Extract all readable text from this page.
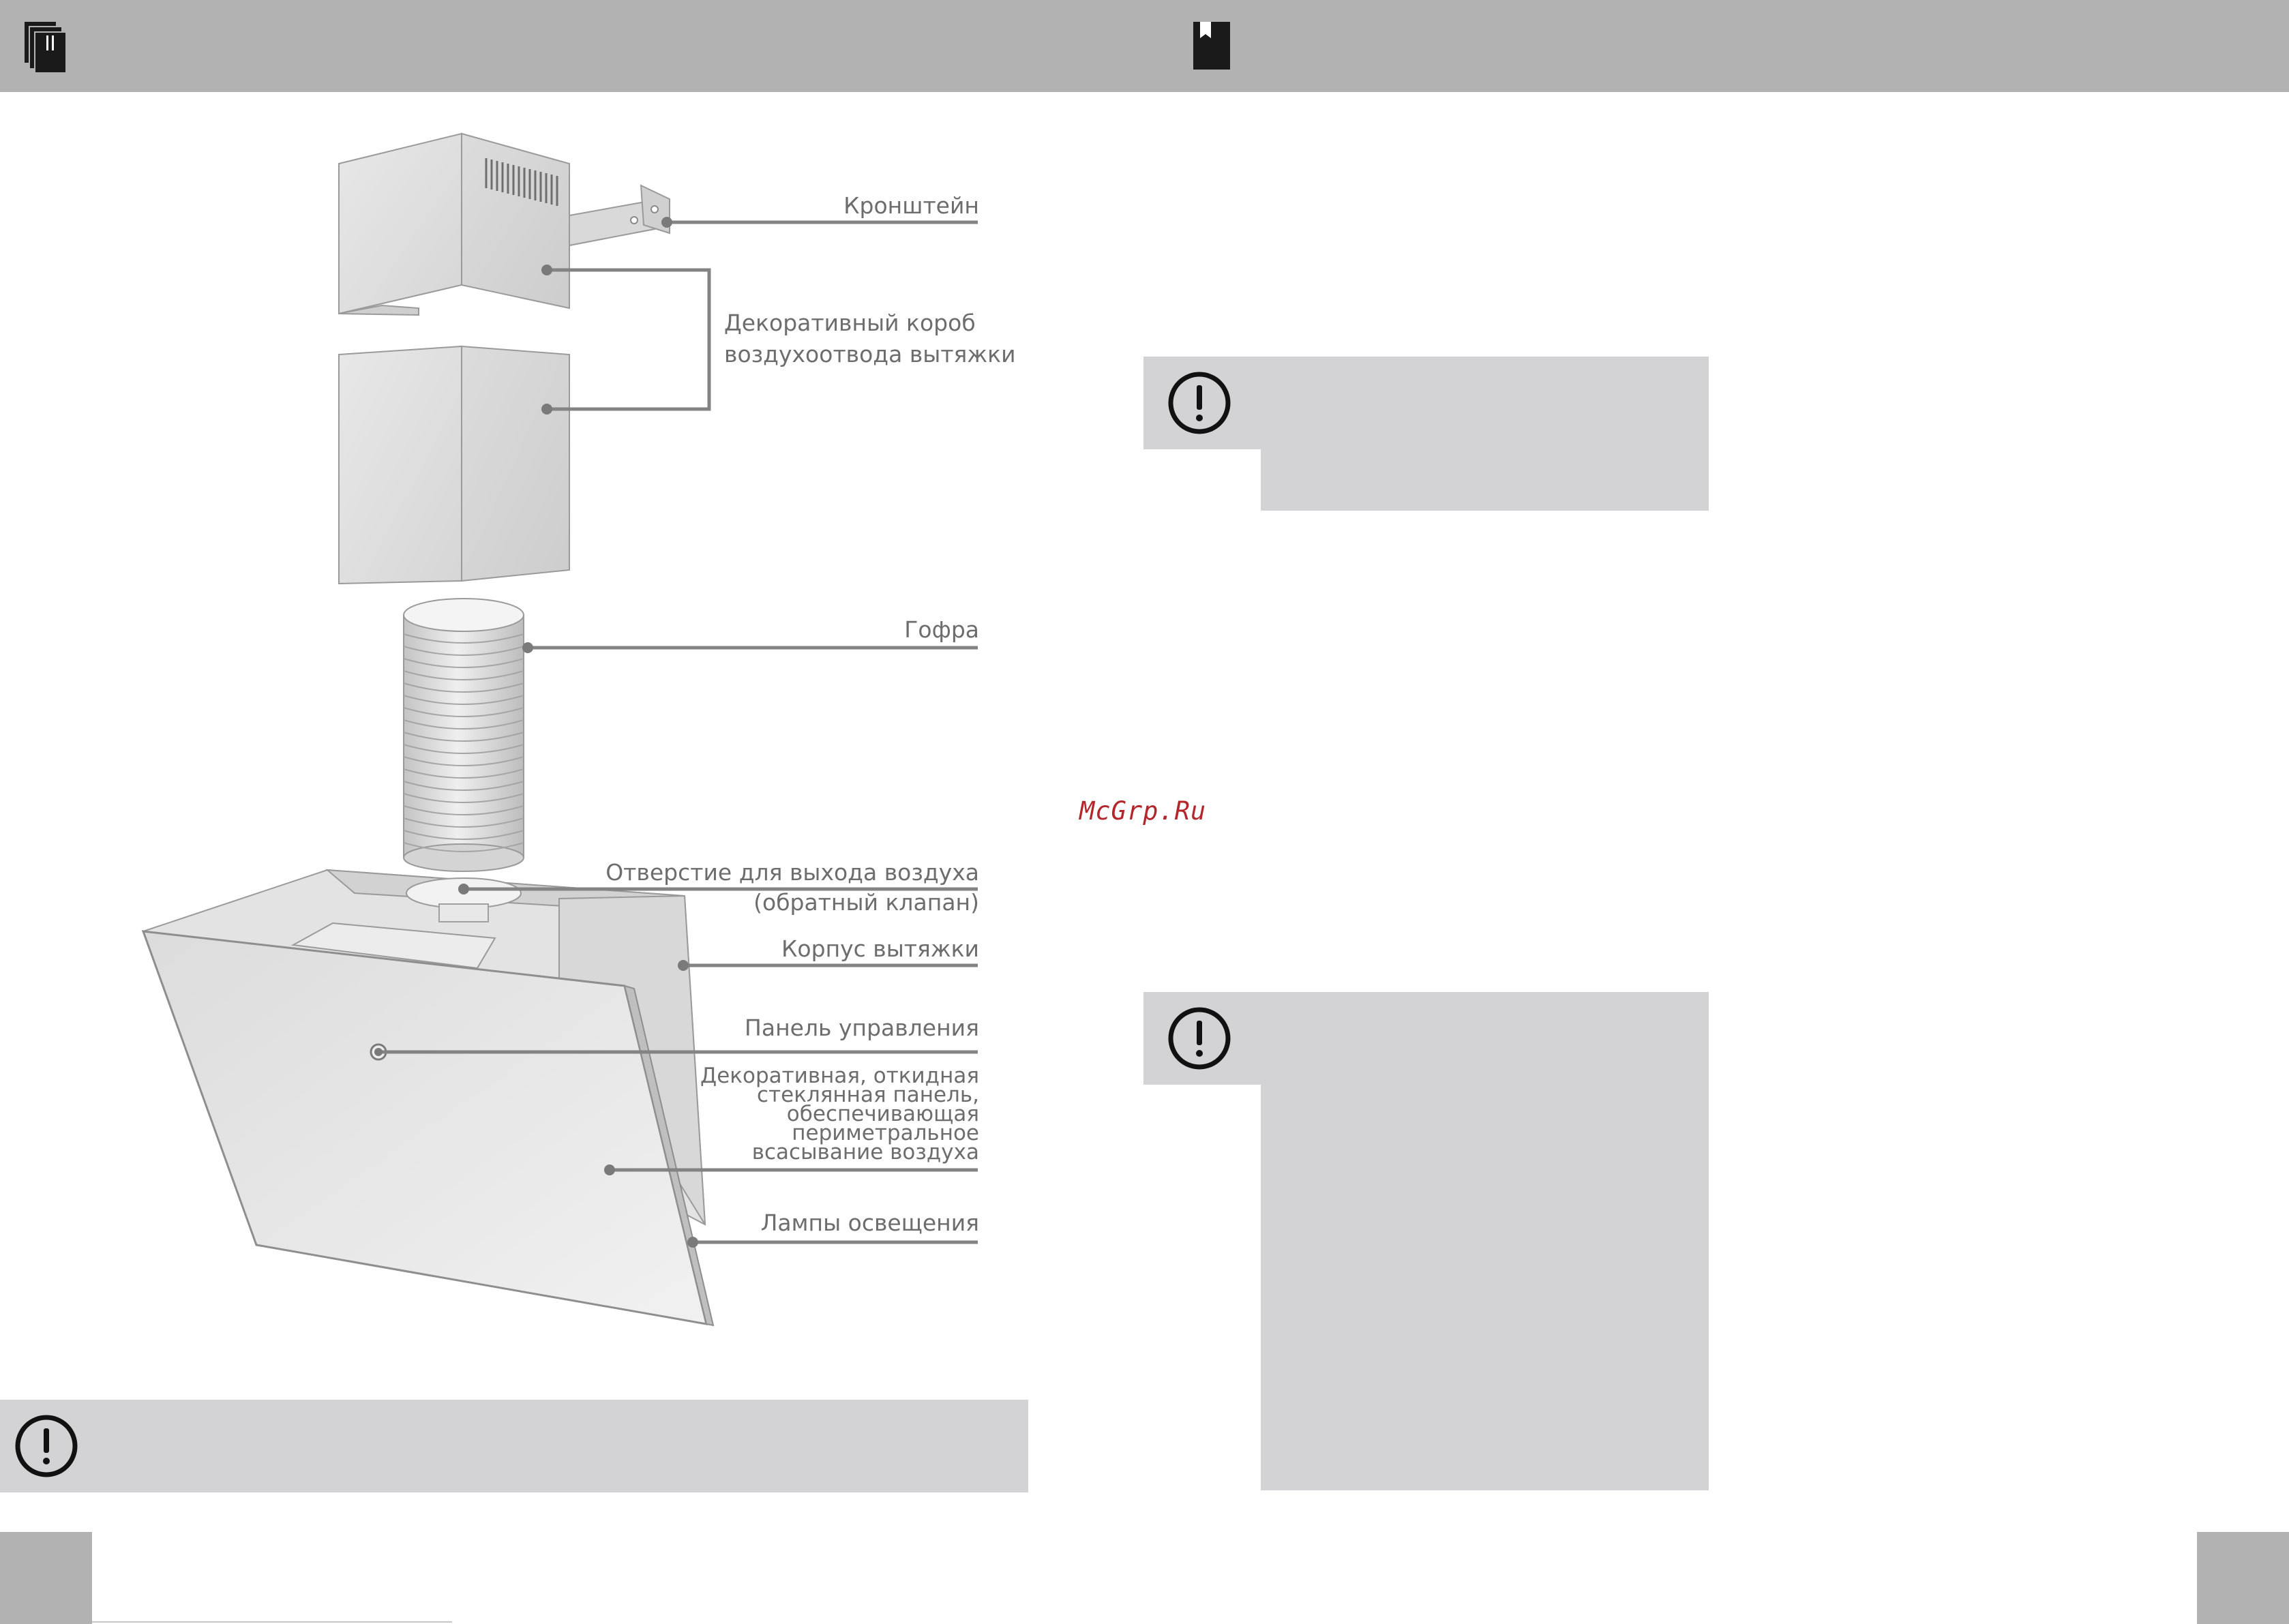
Кронштейн
Декоративный короб
воздухоотвода вытяжки
Гофра
Отверстие для выхода воздуха
(обратный клапан)
Корпус вытяжки
Панель управления
Декоративная, откидная
стеклянная панель,
обеспечивающая
периметральное
всасывание воздуха
Лампы освещения
McGrp.Ru
